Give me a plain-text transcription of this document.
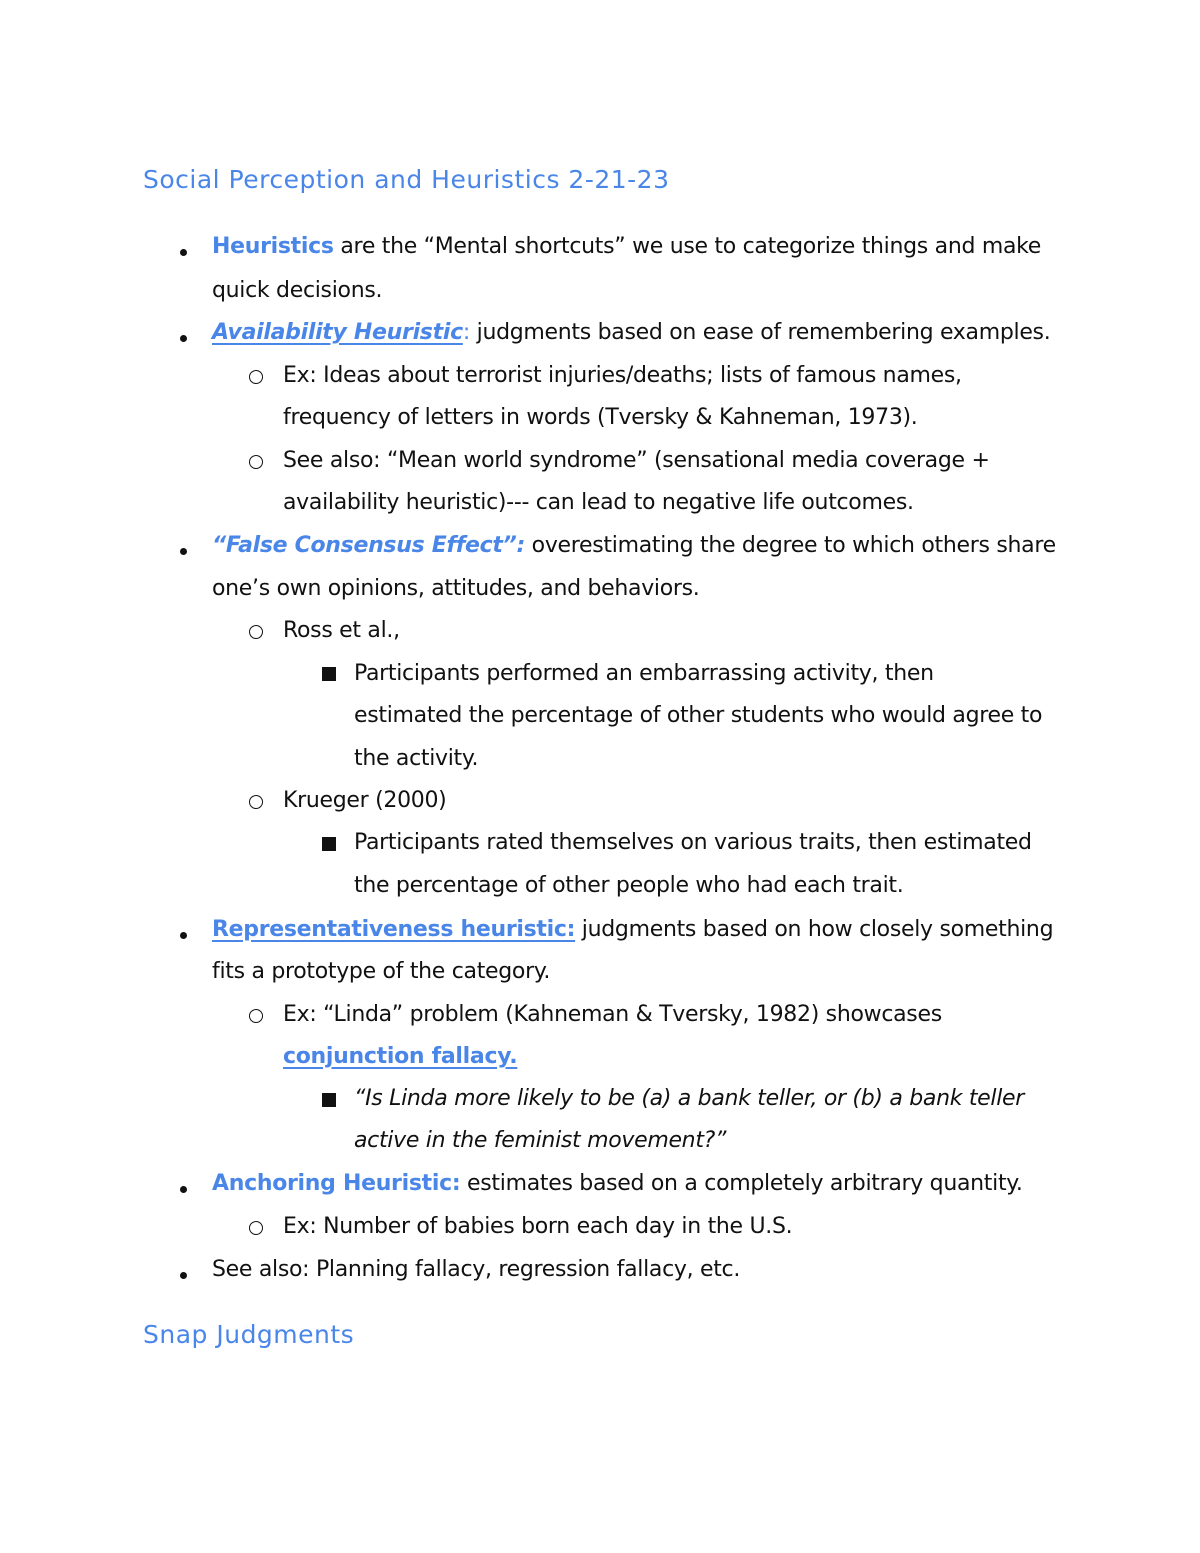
Social Perception and Heuristics 2-21-23
Heuristics are the “Mental shortcuts” we use to categorize things and make
quick decisions.
Availability Heuristic: judgments based on ease of remembering examples.
Ex: Ideas about terrorist injuries/deaths; lists of famous names,
frequency of letters in words (Tversky & Kahneman, 1973).
See also: “Mean world syndrome” (sensational media coverage +
availability heuristic)--- can lead to negative life outcomes.
“False Consensus Effect”: overestimating the degree to which others share
one’s own opinions, attitudes, and behaviors.
Ross et al.,
Participants performed an embarrassing activity, then
estimated the percentage of other students who would agree to
the activity.
Krueger (2000)
Participants rated themselves on various traits, then estimated
the percentage of other people who had each trait.
Representativeness heuristic: judgments based on how closely something
fits a prototype of the category.
Ex: “Linda” problem (Kahneman & Tversky, 1982) showcases
conjunction fallacy.
“Is Linda more likely to be (a) a bank teller, or (b) a bank teller
active in the feminist movement?”
Anchoring Heuristic: estimates based on a completely arbitrary quantity.
Ex: Number of babies born each day in the U.S.
See also: Planning fallacy, regression fallacy, etc.
Snap Judgments
